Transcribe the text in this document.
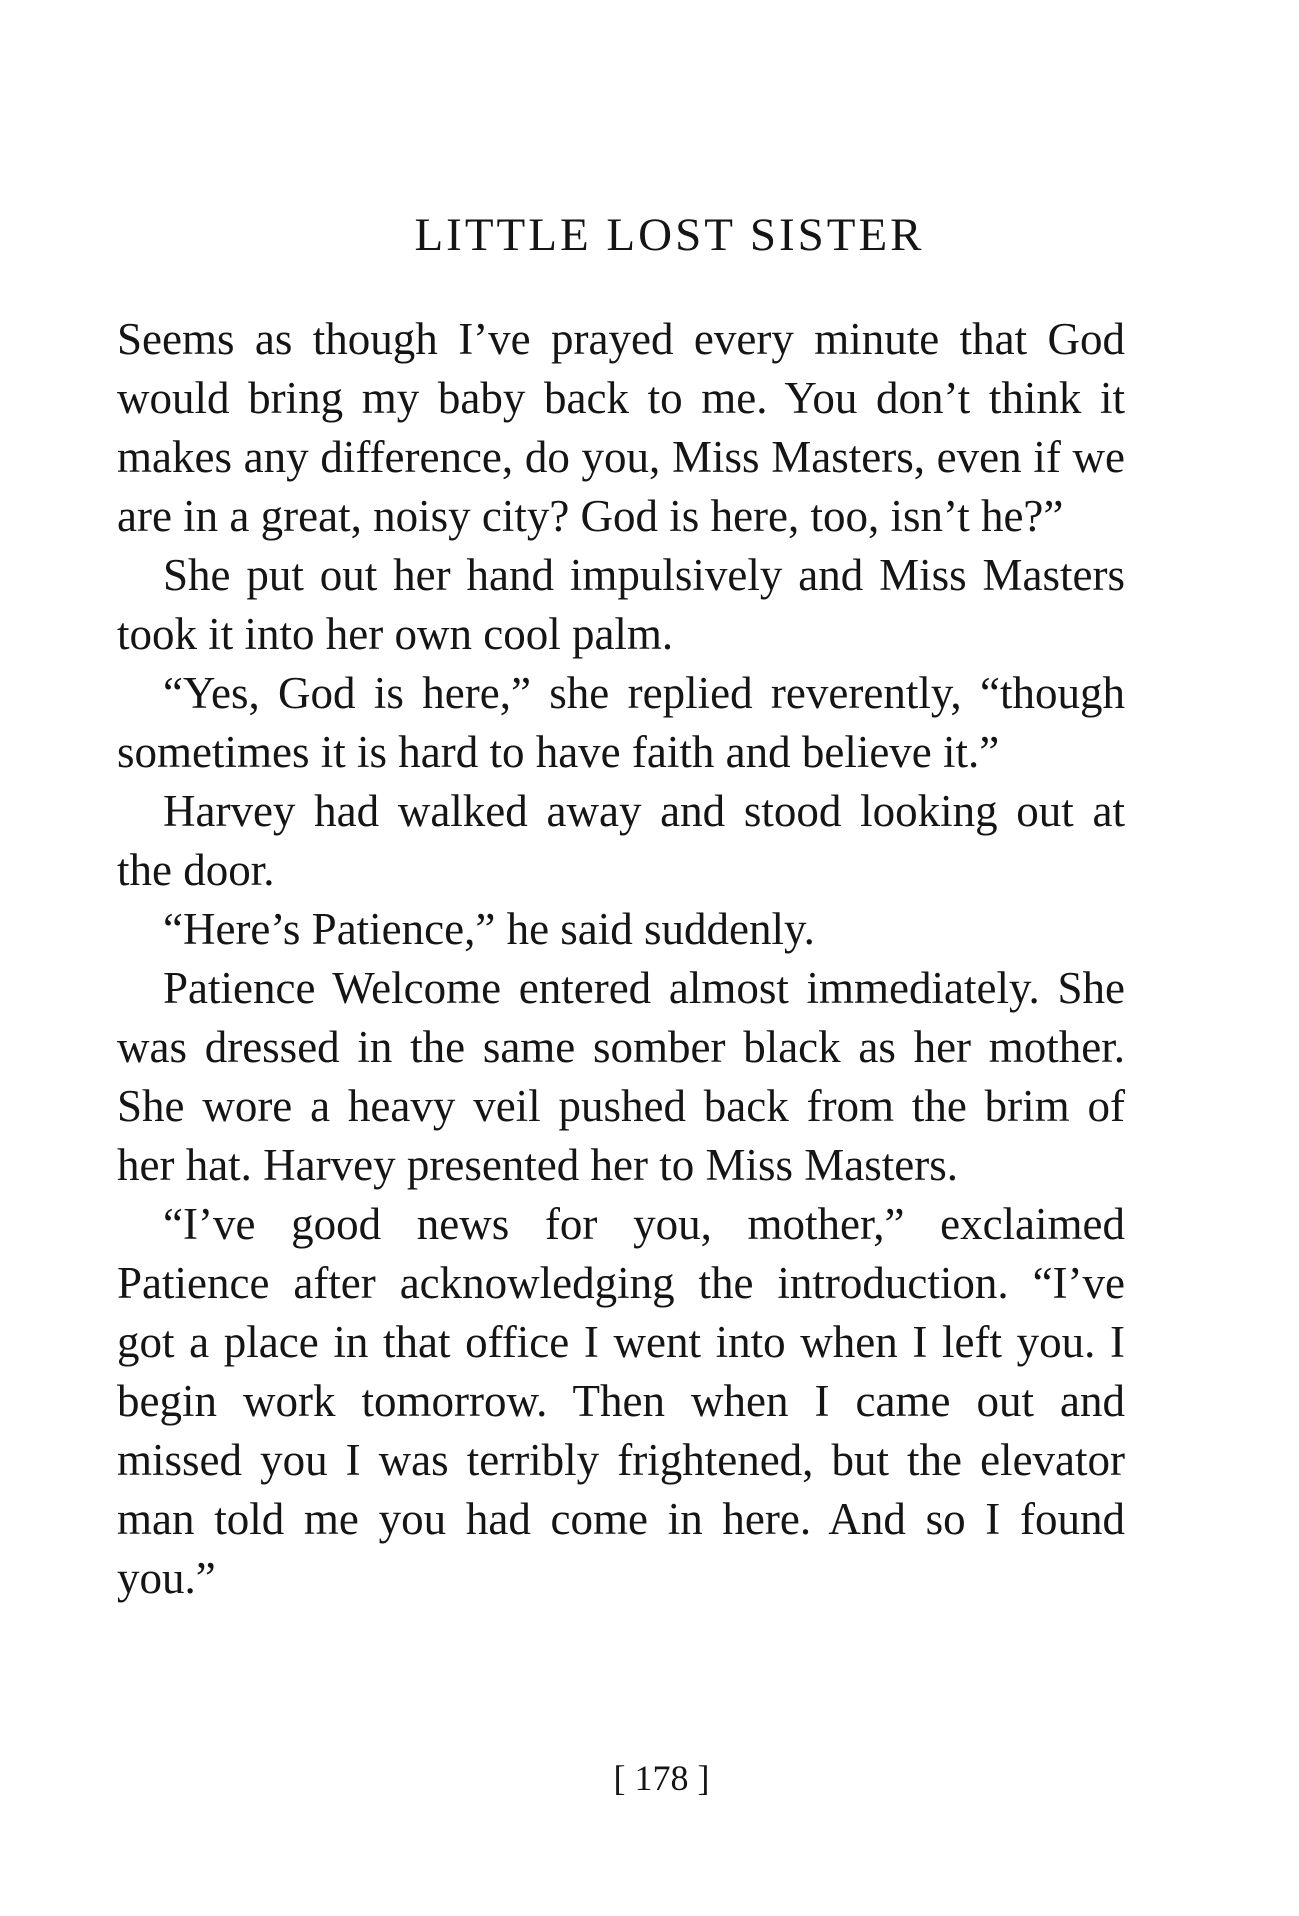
LITTLE LOST SISTER

Seems as though I’ve prayed every minute that God would bring my baby back to me. You don’t think it makes any difference, do you, Miss Masters, even if we are in a great, noisy city? God is here, too, isn’t he?”

She put out her hand impulsively and Miss Masters took it into her own cool palm.

“Yes, God is here,” she replied reverently, “though sometimes it is hard to have faith and believe it.”

Harvey had walked away and stood looking out at the door.

“Here’s Patience,” he said suddenly.

Patience Welcome entered almost immediately. She was dressed in the same somber black as her mother. She wore a heavy veil pushed back from the brim of her hat. Harvey presented her to Miss Masters.

“I’ve good news for you, mother,” exclaimed Patience after acknowledging the introduction. “I’ve got a place in that office I went into when I left you. I begin work tomorrow. Then when I came out and missed you I was terribly frightened, but the elevator man told me you had come in here. And so I found you.”

[ 178 ]
